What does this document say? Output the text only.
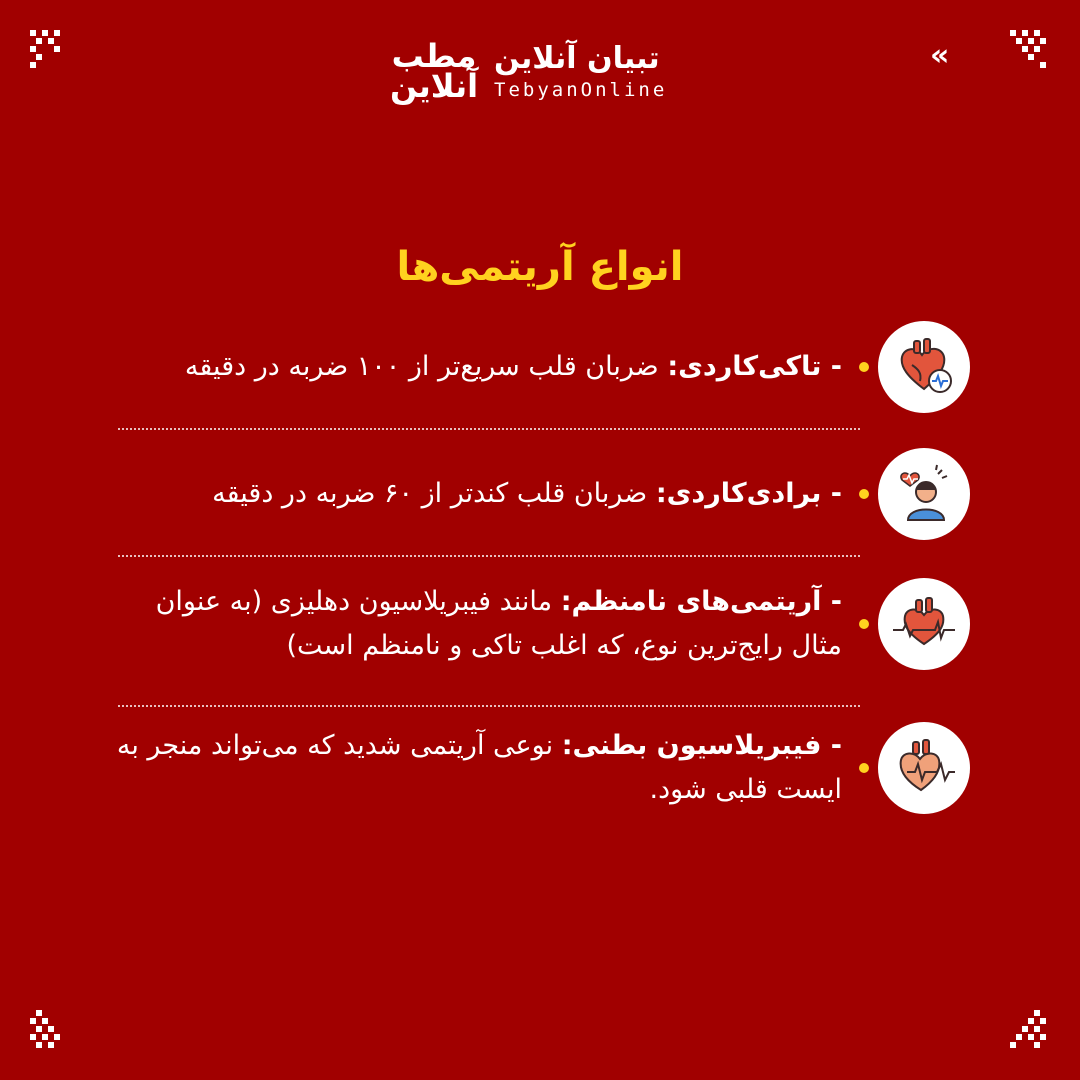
«
مطب آنلاین
تبیان آنلاین
TebyanOnline
انواع آریتمی‌ها
- تاکی‌کاردی: ضربان قلب سریع‌تر از ۱۰۰ ضربه در دقیقه
- برادی‌کاردی: ضربان قلب کندتر از ۶۰ ضربه در دقیقه
- آریتمی‌های نامنظم: مانند فیبریلاسیون دهلیزی (به عنوان مثال رایج‌ترین نوع، که اغلب تاکی و نامنظم است)
- فیبریلاسیون بطنی: نوعی آریتمی شدید که می‌تواند منجر به ایست قلبی شود.
